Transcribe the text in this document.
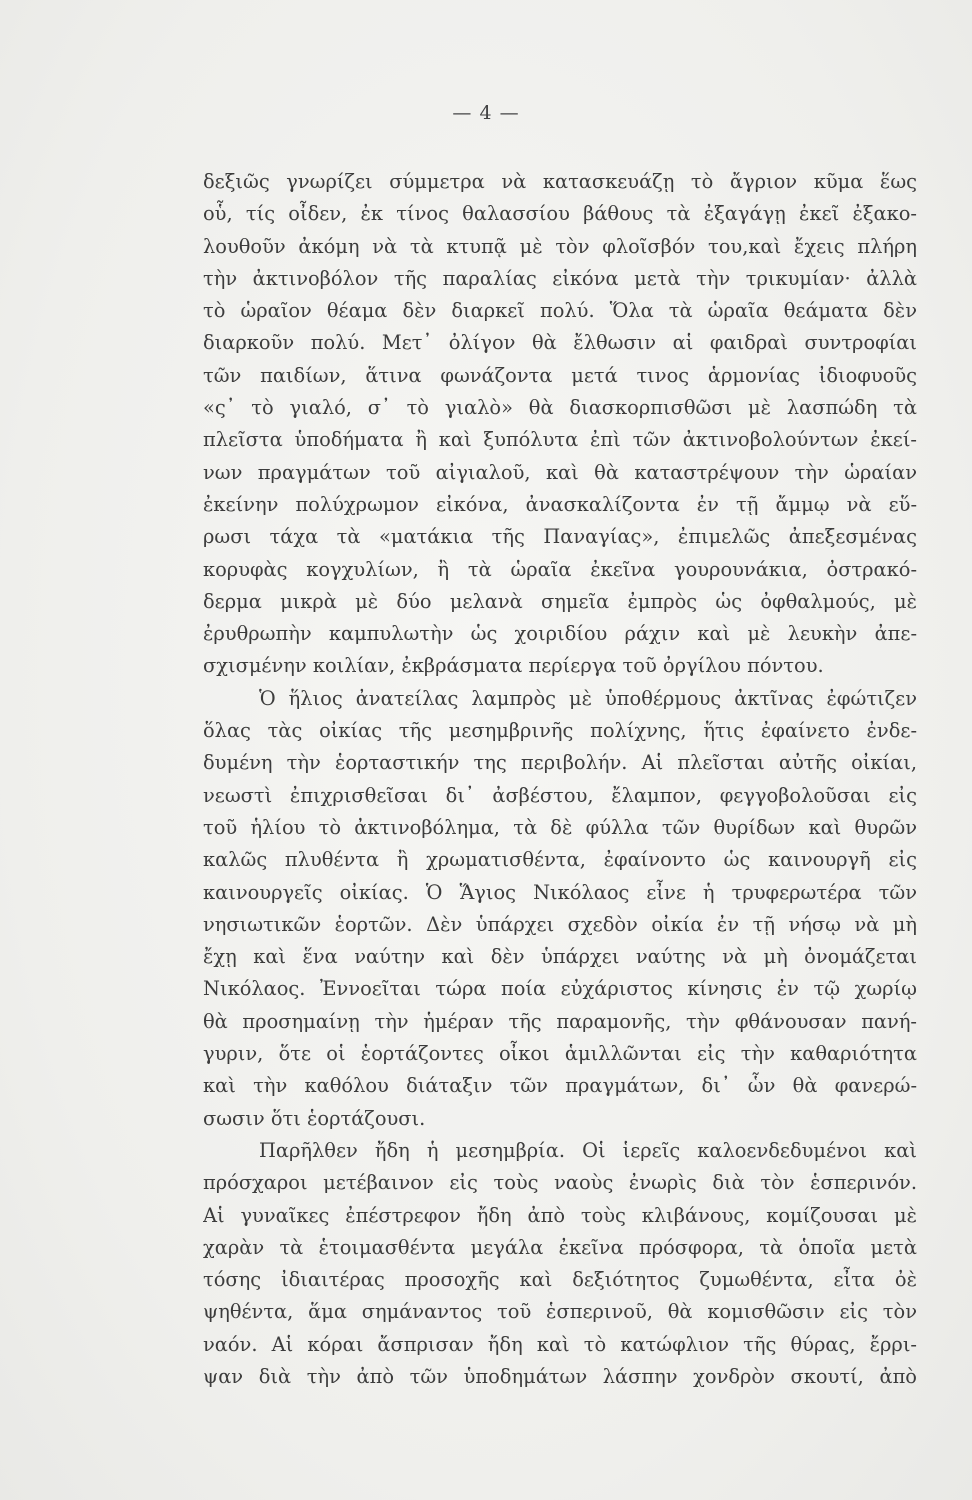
— 4 —
δεξιῶς γνωρίζει σύμμετρα νὰ κατασκευάζῃ τὸ ἄγριον κῦμα ἕως
οὗ, τίς οἶδεν, ἐκ τίνος θαλασσίου βάθους τὰ ἐξαγάγῃ ἐκεῖ ἐξακο-
λουθοῦν ἀκόμη νὰ τὰ κτυπᾷ μὲ τὸν φλοῖσβόν του,καὶ ἔχεις πλήρη
τὴν ἀκτινοβόλον τῆς παραλίας εἰκόνα μετὰ τὴν τρικυμίαν· ἀλλὰ
τὸ ὡραῖον θέαμα δὲν διαρκεῖ πολύ. Ὅλα τὰ ὡραῖα θεάματα δὲν
διαρκοῦν πολύ. Μετ᾿ ὀλίγον θὰ ἔλθωσιν αἱ φαιδραὶ συντροφίαι
τῶν παιδίων, ἅτινα φωνάζοντα μετά τινος ἁρμονίας ἰδιοφυοῦς
«ς᾿ τὸ γιαλό, σ᾿ τὸ γιαλὸ» θὰ διασκορπισθῶσι μὲ λασπώδη τὰ
πλεῖστα ὑποδήματα ἢ καὶ ξυπόλυτα ἐπὶ τῶν ἀκτινοβολούντων ἐκεί-
νων πραγμάτων τοῦ αἰγιαλοῦ, καὶ θὰ καταστρέψουν τὴν ὡραίαν
ἐκείνην πολύχρωμον εἰκόνα, ἀνασκαλίζοντα ἐν τῇ ἄμμῳ νὰ εὕ-
ρωσι τάχα τὰ «ματάκια τῆς Παναγίας», ἐπιμελῶς ἀπεξεσμένας
κορυφὰς κογχυλίων, ἢ τὰ ὡραῖα ἐκεῖνα γουρουνάκια, ὀστρακό-
δερμα μικρὰ μὲ δύο μελανὰ σημεῖα ἐμπρὸς ὡς ὀφθαλμούς, μὲ
ἐρυθρωπὴν καμπυλωτὴν ὡς χοιριδίου ράχιν καὶ μὲ λευκὴν ἀπε-
σχισμένην κοιλίαν, ἐκβράσματα περίεργα τοῦ ὀργίλου πόντου.
Ὁ ἥλιος ἀνατείλας λαμπρὸς μὲ ὑποθέρμους ἀκτῖνας ἐφώτιζεν
ὅλας τὰς οἰκίας τῆς μεσημβρινῆς πολίχνης, ἥτις ἐφαίνετο ἐνδε-
δυμένη τὴν ἑορταστικήν της περιβολήν. Αἱ πλεῖσται αὐτῆς οἰκίαι,
νεωστὶ ἐπιχρισθεῖσαι δι᾿ ἀσβέστου, ἔλαμπον, φεγγοβολοῦσαι εἰς
τοῦ ἡλίου τὸ ἀκτινοβόλημα, τὰ δὲ φύλλα τῶν θυρίδων καὶ θυρῶν
καλῶς πλυθέντα ἢ χρωματισθέντα, ἐφαίνοντο ὡς καινουργῆ εἰς
καινουργεῖς οἰκίας. Ὁ Ἅγιος Νικόλαος εἶνε ἡ τρυφερωτέρα τῶν
νησιωτικῶν ἑορτῶν. Δὲν ὑπάρχει σχεδὸν οἰκία ἐν τῇ νήσῳ νὰ μὴ
ἔχῃ καὶ ἕνα ναύτην καὶ δὲν ὑπάρχει ναύτης νὰ μὴ ὀνομάζεται
Νικόλαος. Ἐννοεῖται τώρα ποία εὐχάριστος κίνησις ἐν τῷ χωρίῳ
θὰ προσημαίνῃ τὴν ἡμέραν τῆς παραμονῆς, τὴν φθάνουσαν πανή-
γυριν, ὅτε οἱ ἑορτάζοντες οἶκοι ἁμιλλῶνται εἰς τὴν καθαριότητα
καὶ τὴν καθόλου διάταξιν τῶν πραγμάτων, δι᾿ ὧν θὰ φανερώ-
σωσιν ὅτι ἑορτάζουσι.
Παρῆλθεν ἤδη ἡ μεσημβρία. Οἱ ἱερεῖς καλοενδεδυμένοι καὶ
πρόσχαροι μετέβαινον εἰς τοὺς ναοὺς ἐνωρὶς διὰ τὸν ἑσπερινόν.
Αἱ γυναῖκες ἐπέστρεφον ἤδη ἀπὸ τοὺς κλιβάνους, κομίζουσαι μὲ
χαρὰν τὰ ἑτοιμασθέντα μεγάλα ἐκεῖνα πρόσφορα, τὰ ὁποῖα μετὰ
τόσης ἰδιαιτέρας προσοχῆς καὶ δεξιότητος ζυμωθέντα, εἶτα ὀὲ
ψηθέντα, ἅμα σημάναντος τοῦ ἑσπερινοῦ, θὰ κομισθῶσιν εἰς τὸν
ναόν. Αἱ κόραι ἄσπρισαν ἤδη καὶ τὸ κατώφλιον τῆς θύρας, ἔρρι-
ψαν διὰ τὴν ἀπὸ τῶν ὑποδημάτων λάσπην χονδρὸν σκουτί, ἀπὸ
